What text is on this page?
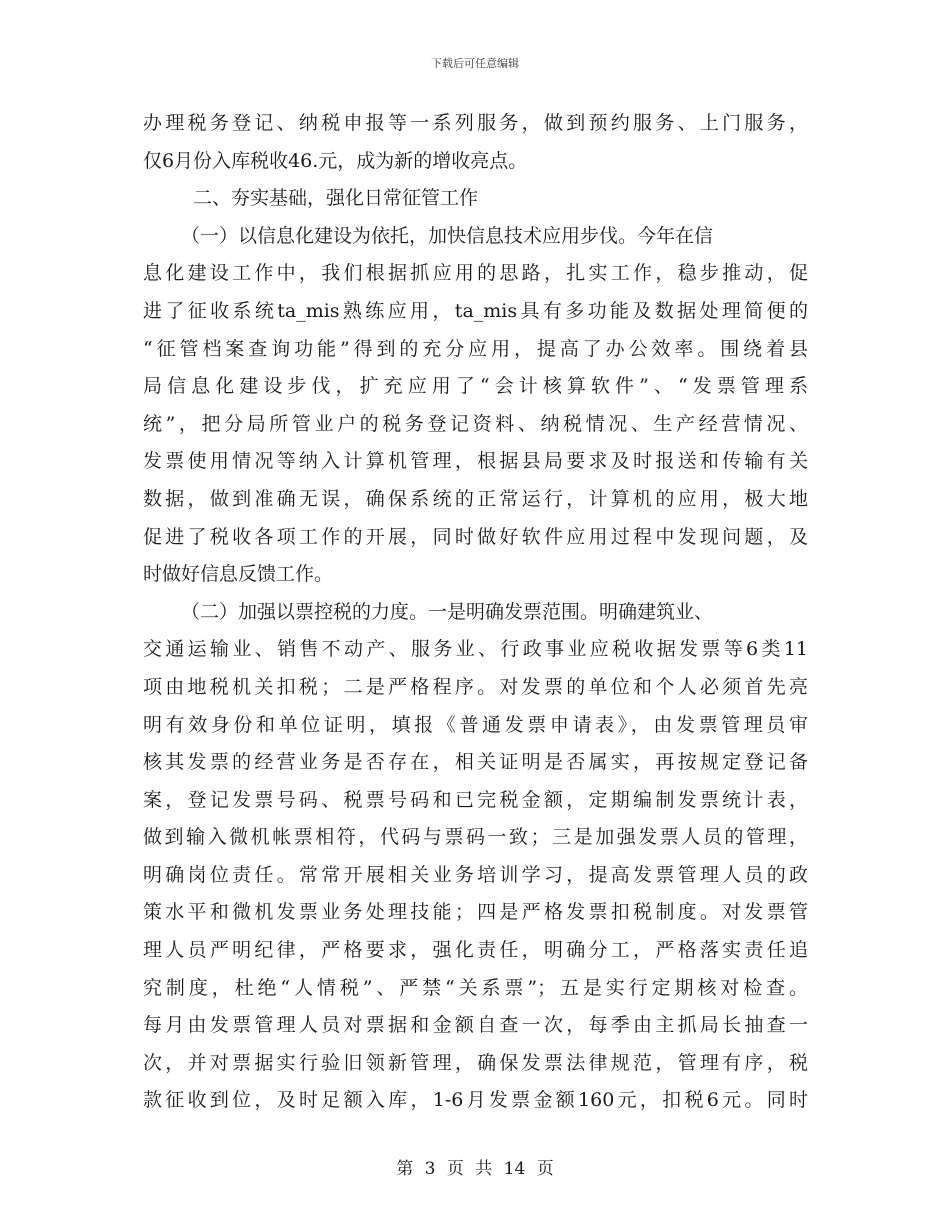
下载后可任意编辑
办理税务登记、纳税申报等一系列服务，做到预约服务、上门服务，
仅6月份入库税收46.元，成为新的增收亮点。
二、夯实基础，强化日常征管工作
（一）以信息化建设为依托，加快信息技术应用步伐。今年在信
息化建设工作中，我们根据抓应用的思路，扎实工作，稳步推动，促
进了征收系统ta_mis熟练应用，ta_mis具有多功能及数据处理简便的
“征管档案查询功能”得到的充分应用，提高了办公效率。围绕着县
局信息化建设步伐，扩充应用了“会计核算软件”、“发票管理系
统”，把分局所管业户的税务登记资料、纳税情况、生产经营情况、
发票使用情况等纳入计算机管理，根据县局要求及时报送和传输有关
数据，做到准确无误，确保系统的正常运行，计算机的应用，极大地
促进了税收各项工作的开展，同时做好软件应用过程中发现问题，及
时做好信息反馈工作。
（二）加强以票控税的力度。一是明确发票范围。明确建筑业、
交通运输业、销售不动产、服务业、行政事业应税收据发票等6类11
项由地税机关扣税；二是严格程序。对发票的单位和个人必须首先亮
明有效身份和单位证明，填报《普通发票申请表》，由发票管理员审
核其发票的经营业务是否存在，相关证明是否属实，再按规定登记备
案，登记发票号码、税票号码和已完税金额，定期编制发票统计表，
做到输入微机帐票相符，代码与票码一致；三是加强发票人员的管理，
明确岗位责任。常常开展相关业务培训学习，提高发票管理人员的政
策水平和微机发票业务处理技能；四是严格发票扣税制度。对发票管
理人员严明纪律，严格要求，强化责任，明确分工，严格落实责任追
究制度，杜绝“人情税”、严禁“关系票”；五是实行定期核对检查。
每月由发票管理人员对票据和金额自查一次，每季由主抓局长抽查一
次，并对票据实行验旧领新管理，确保发票法律规范，管理有序，税
款征收到位，及时足额入库，1-6月发票金额160元，扣税6元。同时
第 3 页 共 14 页
